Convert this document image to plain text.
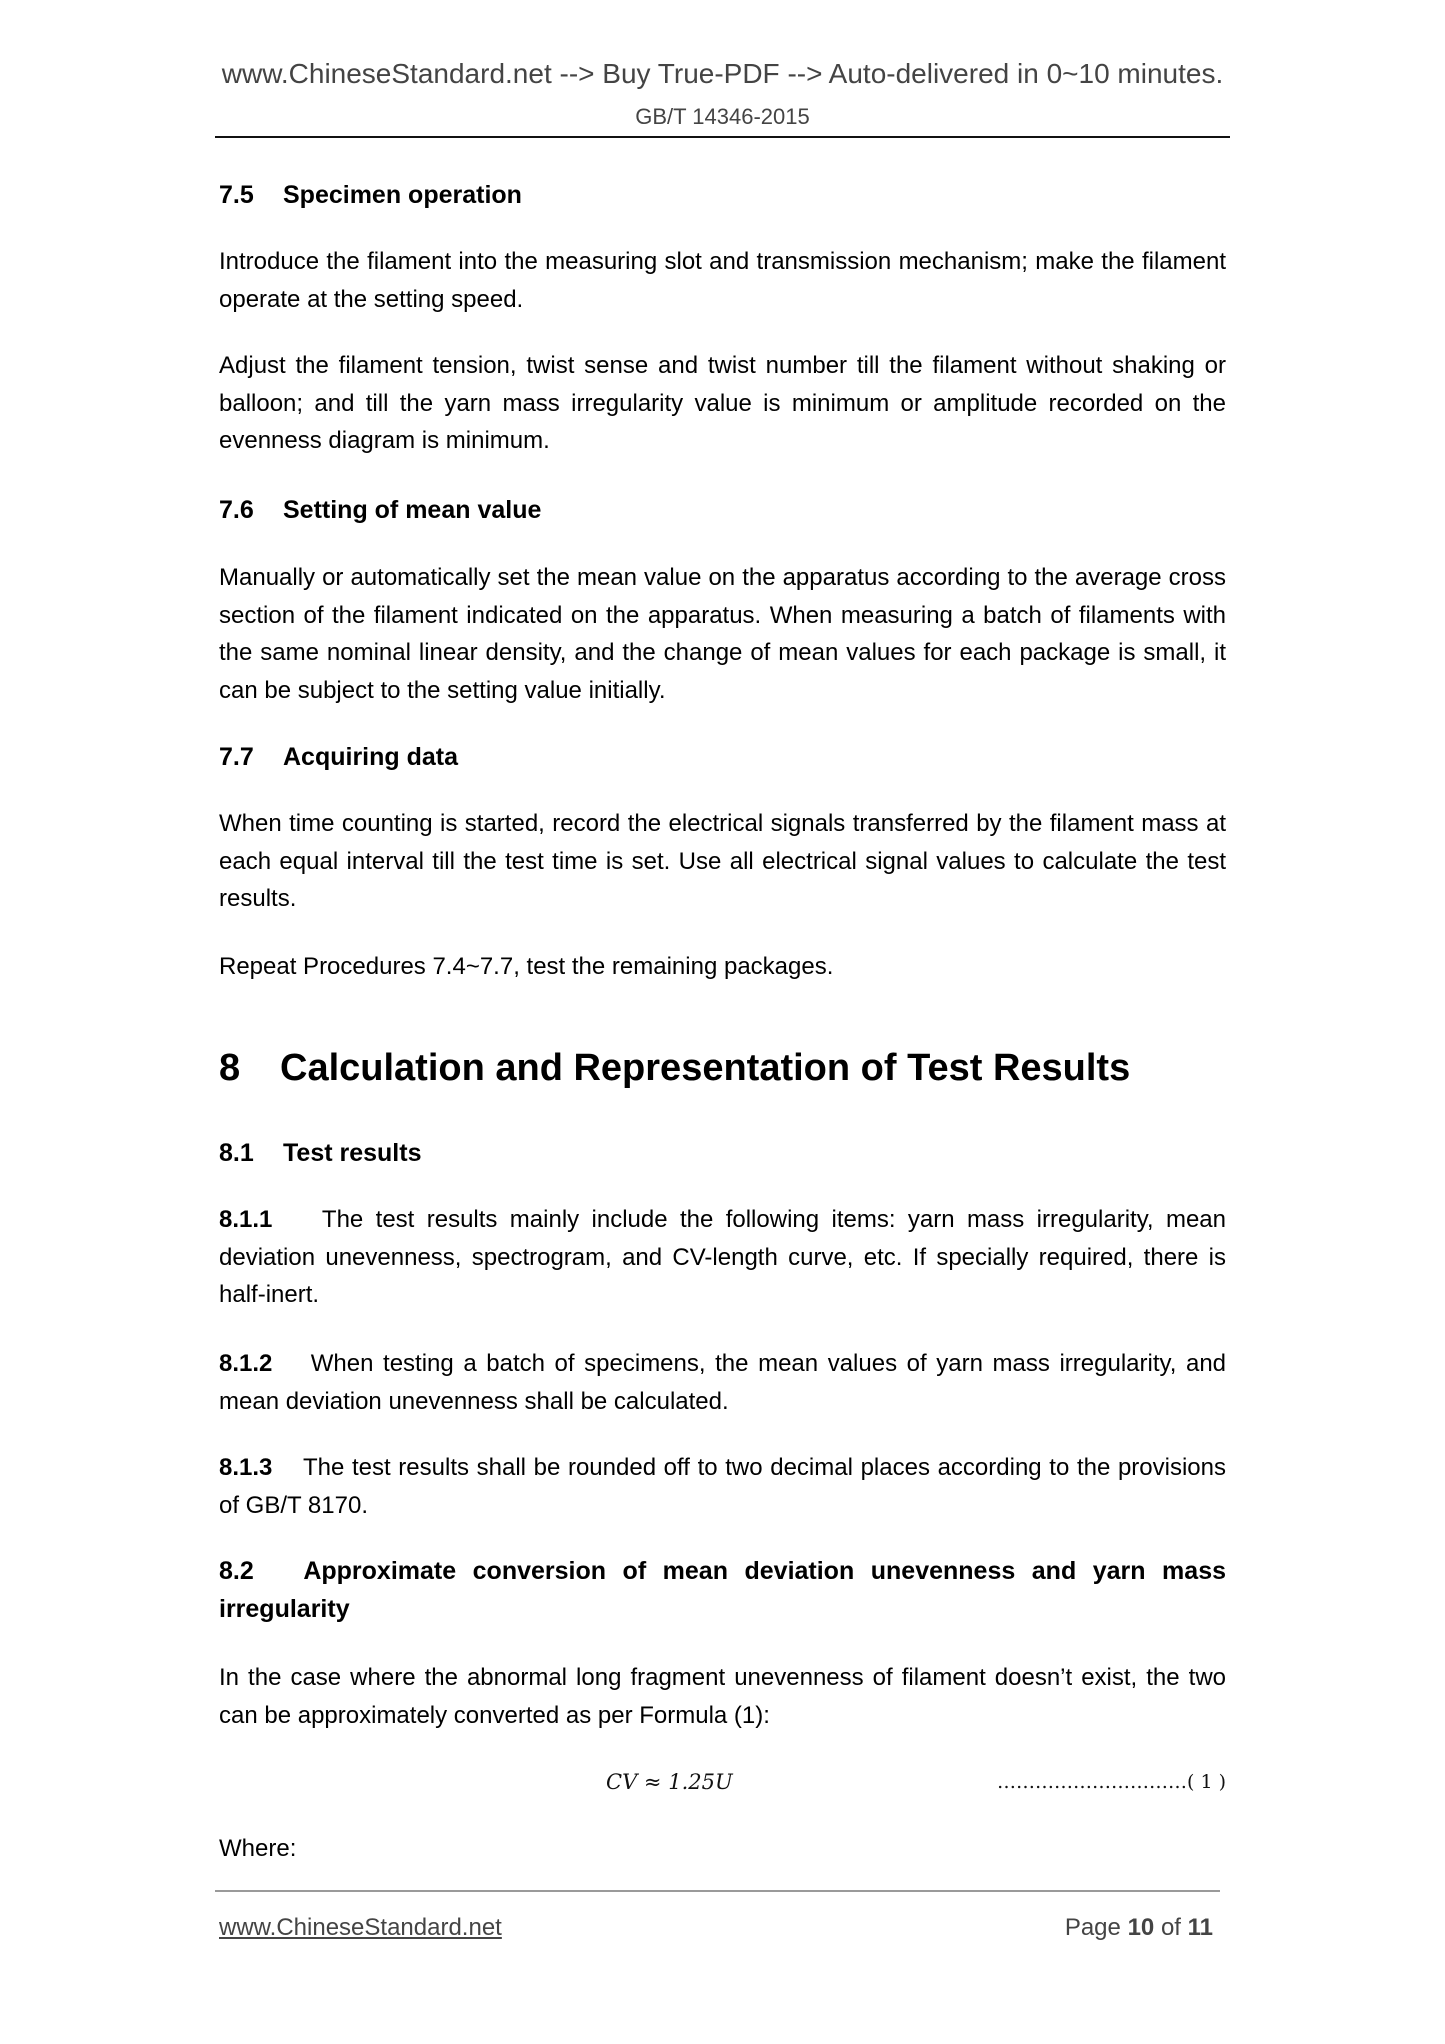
www.ChineseStandard.net --> Buy True-PDF --> Auto-delivered in 0~10 minutes.
GB/T 14346-2015
7.5 Specimen operation
Introduce the filament into the measuring slot and transmission mechanism; make the filament operate at the setting speed.
Adjust the filament tension, twist sense and twist number till the filament without shaking or balloon; and till the yarn mass irregularity value is minimum or amplitude recorded on the evenness diagram is minimum.
7.6 Setting of mean value
Manually or automatically set the mean value on the apparatus according to the average cross section of the filament indicated on the apparatus. When measuring a batch of filaments with the same nominal linear density, and the change of mean values for each package is small, it can be subject to the setting value initially.
7.7 Acquiring data
When time counting is started, record the electrical signals transferred by the filament mass at each equal interval till the test time is set. Use all electrical signal values to calculate the test results.
Repeat Procedures 7.4~7.7, test the remaining packages.
8 Calculation and Representation of Test Results
8.1 Test results
8.1.1 The test results mainly include the following items: yarn mass irregularity, mean deviation unevenness, spectrogram, and CV-length curve, etc. If specially required, there is half-inert.
8.1.2 When testing a batch of specimens, the mean values of yarn mass irregularity, and mean deviation unevenness shall be calculated.
8.1.3 The test results shall be rounded off to two decimal places according to the provisions of GB/T 8170.
8.2 Approximate conversion of mean deviation unevenness and yarn mass irregularity
In the case where the abnormal long fragment unevenness of filament doesn’t exist, the two can be approximately converted as per Formula (1):
CV ≈ 1.25U	…………………………( 1 )
Where:
www.ChineseStandard.net	Page 10 of 11
